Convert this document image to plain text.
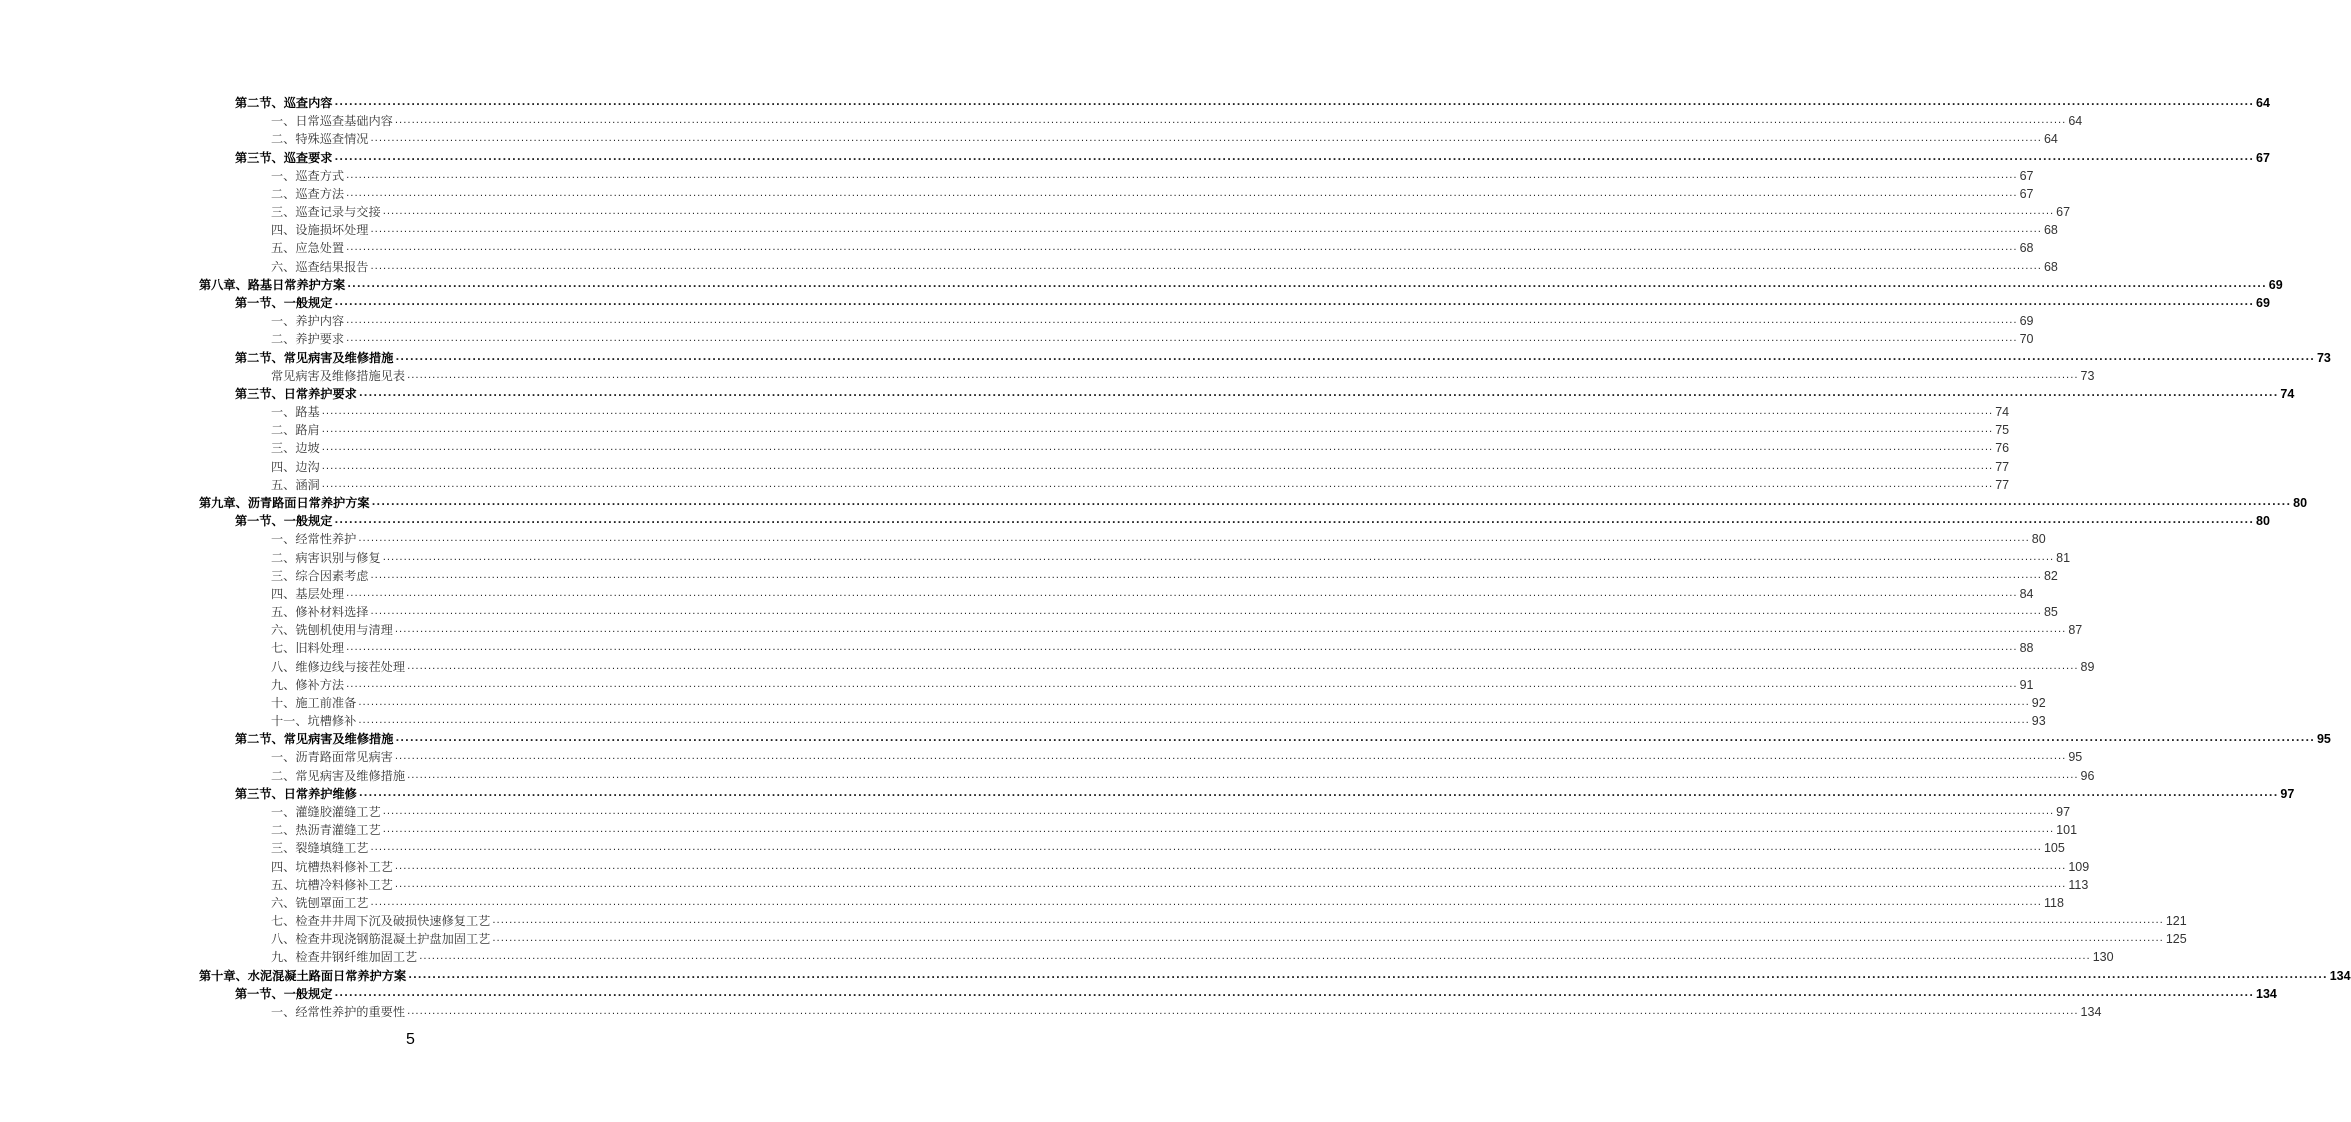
第二节、巡查内容 ................................................................................................................................................................................................................................................................................................................................................................................................................ 64
一、日常巡查基础内容 ................................................................................................................................................................................................................................................................................................................................................................................................................ 64
二、特殊巡查情况 ................................................................................................................................................................................................................................................................................................................................................................................................................ 64
第三节、巡查要求 ................................................................................................................................................................................................................................................................................................................................................................................................................ 67
一、巡查方式 ................................................................................................................................................................................................................................................................................................................................................................................................................ 67
二、巡查方法 ................................................................................................................................................................................................................................................................................................................................................................................................................ 67
三、巡查记录与交接 ................................................................................................................................................................................................................................................................................................................................................................................................................ 67
四、设施损坏处理 ................................................................................................................................................................................................................................................................................................................................................................................................................ 68
五、应急处置 ................................................................................................................................................................................................................................................................................................................................................................................................................ 68
六、巡查结果报告 ................................................................................................................................................................................................................................................................................................................................................................................................................ 68
第八章、路基日常养护方案 ................................................................................................................................................................................................................................................................................................................................................................................................................ 69
第一节、一般规定 ................................................................................................................................................................................................................................................................................................................................................................................................................ 69
一、养护内容 ................................................................................................................................................................................................................................................................................................................................................................................................................ 69
二、养护要求 ................................................................................................................................................................................................................................................................................................................................................................................................................ 70
第二节、常见病害及维修措施 ................................................................................................................................................................................................................................................................................................................................................................................................................ 73
常见病害及维修措施见表 ................................................................................................................................................................................................................................................................................................................................................................................................................ 73
第三节、日常养护要求 ................................................................................................................................................................................................................................................................................................................................................................................................................ 74
一、路基 ................................................................................................................................................................................................................................................................................................................................................................................................................ 74
二、路肩 ................................................................................................................................................................................................................................................................................................................................................................................................................ 75
三、边坡 ................................................................................................................................................................................................................................................................................................................................................................................................................ 76
四、边沟 ................................................................................................................................................................................................................................................................................................................................................................................................................ 77
五、涵洞 ................................................................................................................................................................................................................................................................................................................................................................................................................ 77
第九章、沥青路面日常养护方案 ................................................................................................................................................................................................................................................................................................................................................................................................................ 80
第一节、一般规定 ................................................................................................................................................................................................................................................................................................................................................................................................................ 80
一、经常性养护 ................................................................................................................................................................................................................................................................................................................................................................................................................ 80
二、病害识别与修复 ................................................................................................................................................................................................................................................................................................................................................................................................................ 81
三、综合因素考虑 ................................................................................................................................................................................................................................................................................................................................................................................................................ 82
四、基层处理 ................................................................................................................................................................................................................................................................................................................................................................................................................ 84
五、修补材料选择 ................................................................................................................................................................................................................................................................................................................................................................................................................ 85
六、铣刨机使用与清理 ................................................................................................................................................................................................................................................................................................................................................................................................................ 87
七、旧料处理 ................................................................................................................................................................................................................................................................................................................................................................................................................ 88
八、维修边线与接茬处理 ................................................................................................................................................................................................................................................................................................................................................................................................................ 89
九、修补方法 ................................................................................................................................................................................................................................................................................................................................................................................................................ 91
十、施工前准备 ................................................................................................................................................................................................................................................................................................................................................................................................................ 92
十一、坑槽修补 ................................................................................................................................................................................................................................................................................................................................................................................................................ 93
第二节、常见病害及维修措施 ................................................................................................................................................................................................................................................................................................................................................................................................................ 95
一、沥青路面常见病害 ................................................................................................................................................................................................................................................................................................................................................................................................................ 95
二、常见病害及维修措施 ................................................................................................................................................................................................................................................................................................................................................................................................................ 96
第三节、日常养护维修 ................................................................................................................................................................................................................................................................................................................................................................................................................ 97
一、灌缝胶灌缝工艺 ................................................................................................................................................................................................................................................................................................................................................................................................................ 97
二、热沥青灌缝工艺 ................................................................................................................................................................................................................................................................................................................................................................................................................ 101
三、裂缝填缝工艺 ................................................................................................................................................................................................................................................................................................................................................................................................................ 105
四、坑槽热料修补工艺 ................................................................................................................................................................................................................................................................................................................................................................................................................ 109
五、坑槽冷料修补工艺 ................................................................................................................................................................................................................................................................................................................................................................................................................ 113
六、铣刨罩面工艺 ................................................................................................................................................................................................................................................................................................................................................................................................................ 118
七、检查井井周下沉及破损快速修复工艺 ................................................................................................................................................................................................................................................................................................................................................................................................................ 121
八、检查井现浇钢筋混凝土护盘加固工艺 ................................................................................................................................................................................................................................................................................................................................................................................................................ 125
九、检查井钢纤维加固工艺 ................................................................................................................................................................................................................................................................................................................................................................................................................ 130
第十章、水泥混凝土路面日常养护方案 ................................................................................................................................................................................................................................................................................................................................................................................................................ 134
第一节、一般规定 ................................................................................................................................................................................................................................................................................................................................................................................................................ 134
一、经常性养护的重要性 ................................................................................................................................................................................................................................................................................................................................................................................................................ 134
5
